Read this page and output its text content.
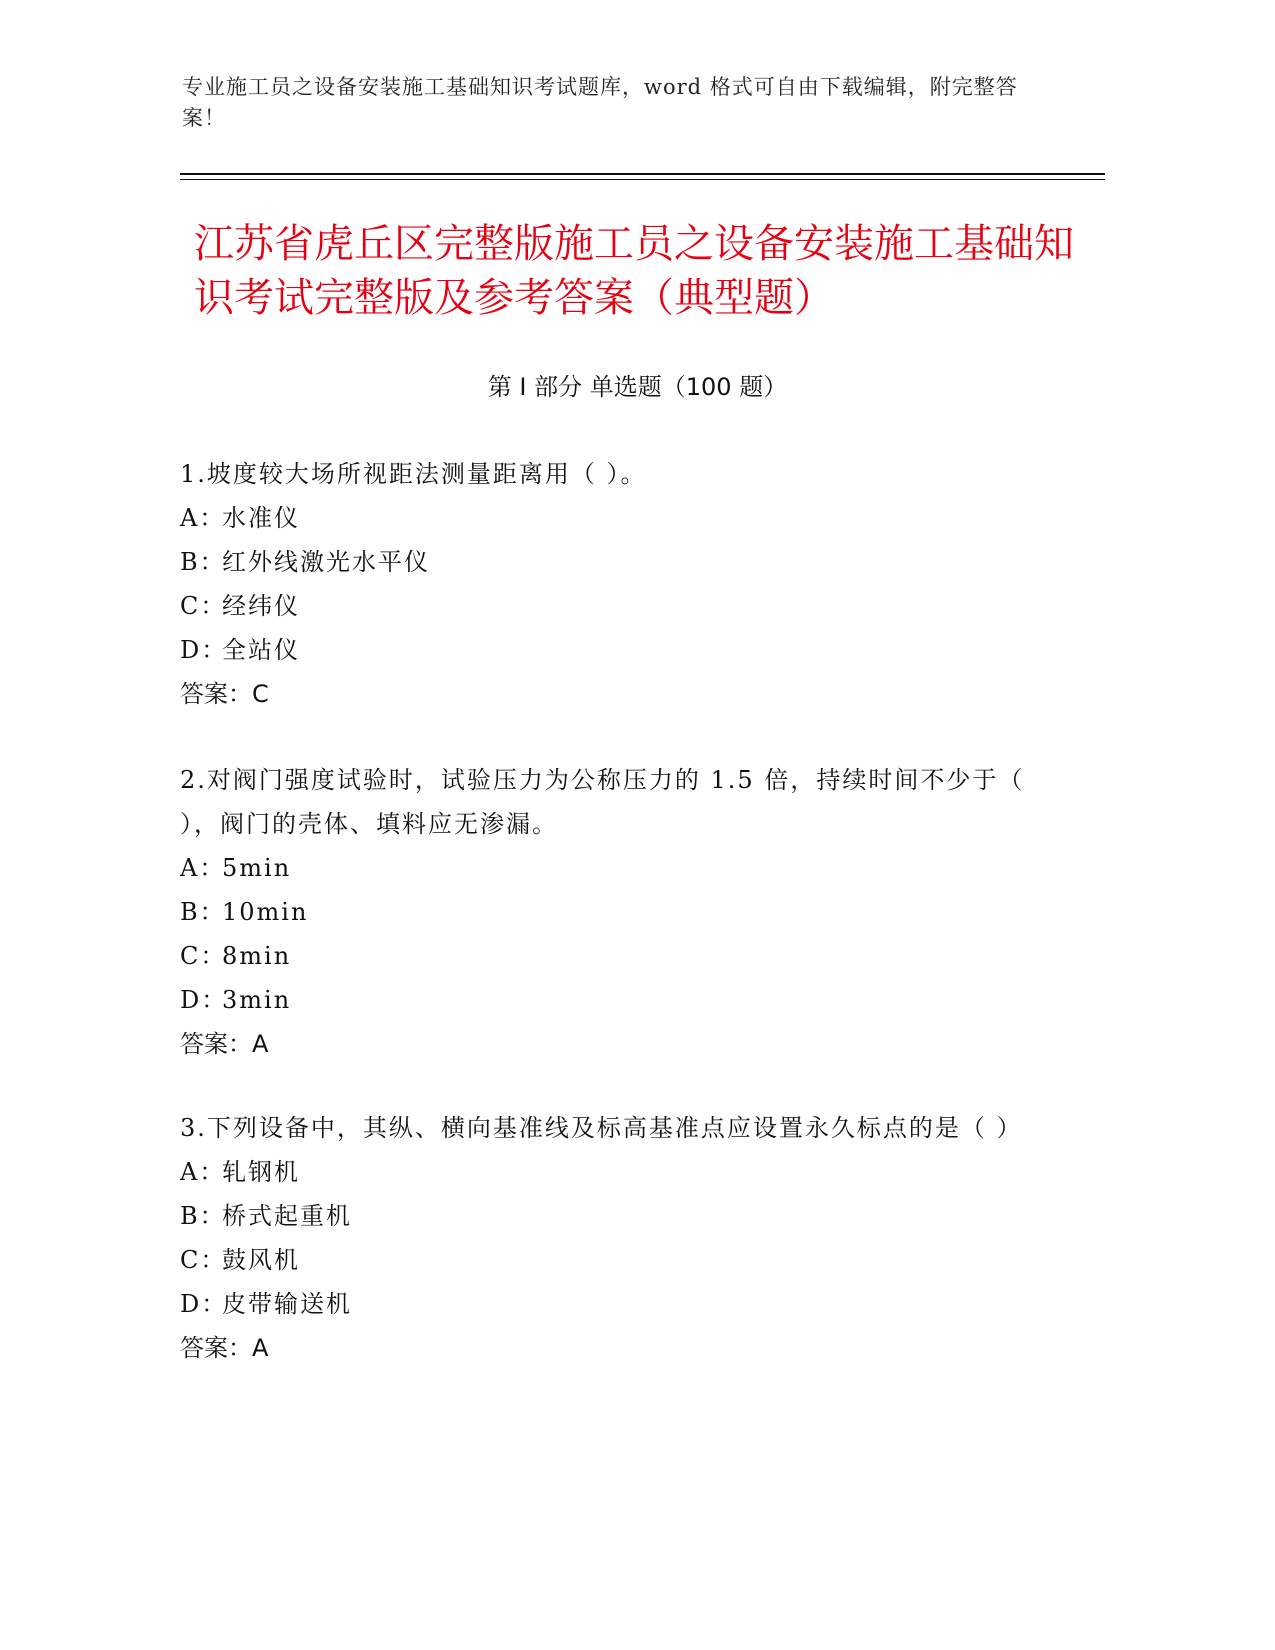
专业施工员之设备安装施工基础知识考试题库，word 格式可自由下载编辑，附完整答案！
江苏省虎丘区完整版施工员之设备安装施工基础知识考试完整版及参考答案（典型题）
第 I 部分 单选题（100 题）

1.坡度较大场所视距法测量距离用（ ）。

A：
水准仪

B：
红外线激光水平仪

C：
经纬仪

D：
全站仪

答案：C

2.对阀门强度试验时，试验压力为公称压力的 1.5 倍，持续时间不少于（ ），阀门的壳体、填料应无渗漏。

A：
5min

B：
10min

C：
8min

D：
3min

答案：A

3.下列设备中，其纵、横向基准线及标高基准点应设置永久标点的是（ ）

A：
轧钢机

B：
桥式起重机

C：
鼓风机

D：
皮带输送机

答案：A
